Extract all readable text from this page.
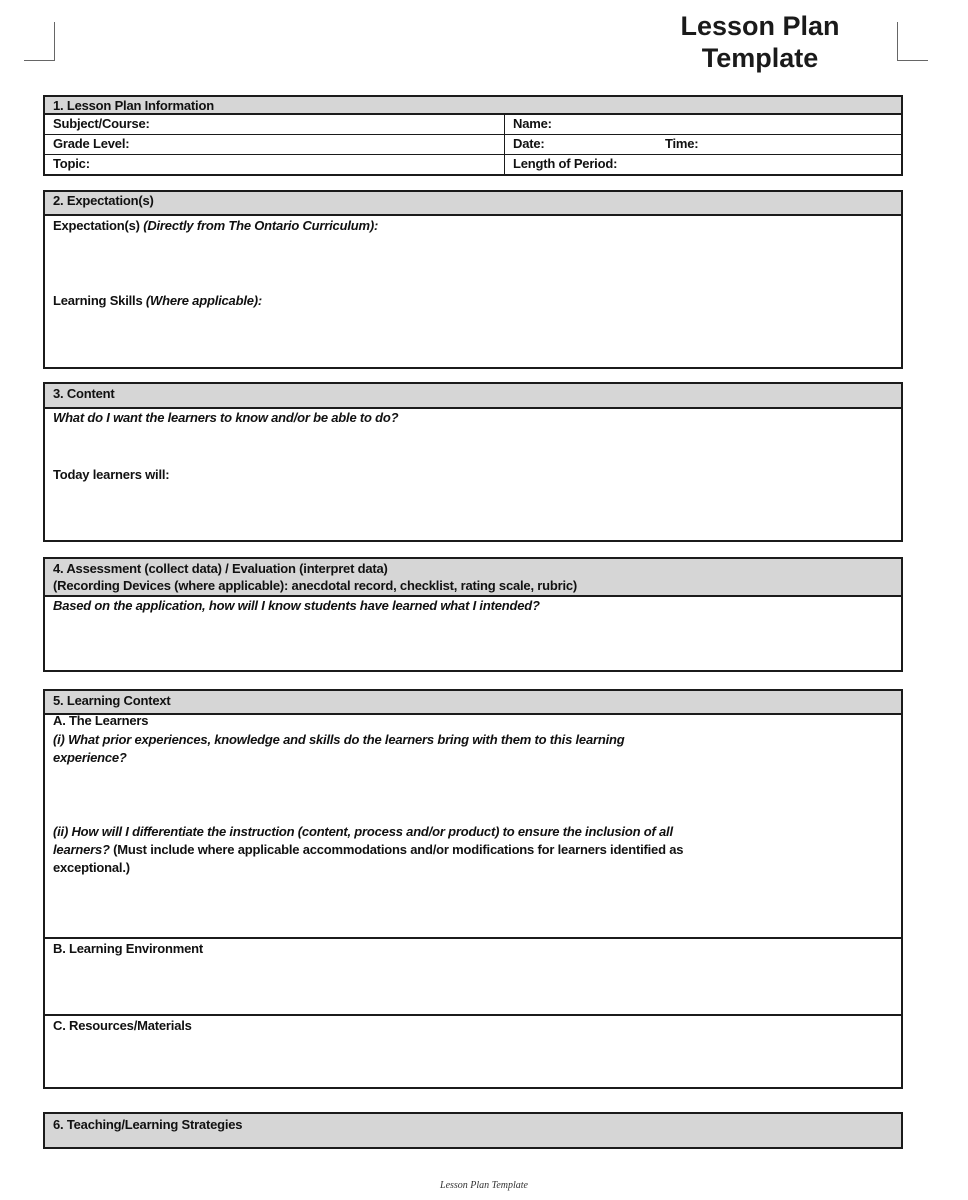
Lesson Plan
Template
1. Lesson Plan Information
Subject/Course:	Name:
Grade Level:	Date:	Time:
Topic:	Length of Period:
2. Expectation(s)
Expectation(s) (Directly from The Ontario Curriculum):
Learning Skills (Where applicable):
3. Content
What do I want the learners to know and/or be able to do?
Today learners will:
4. Assessment (collect data) / Evaluation (interpret data)
(Recording Devices (where applicable): anecdotal record, checklist, rating scale, rubric)
Based on the application, how will I know students have learned what I intended?
5. Learning Context
A. The Learners
(i) What prior experiences, knowledge and skills do the learners bring with them to this learning
experience?
(ii) How will I differentiate the instruction (content, process and/or product) to ensure the inclusion of all
learners? (Must include where applicable accommodations and/or modifications for learners identified as
exceptional.)
B. Learning Environment
C. Resources/Materials
6. Teaching/Learning Strategies
Lesson Plan Template
